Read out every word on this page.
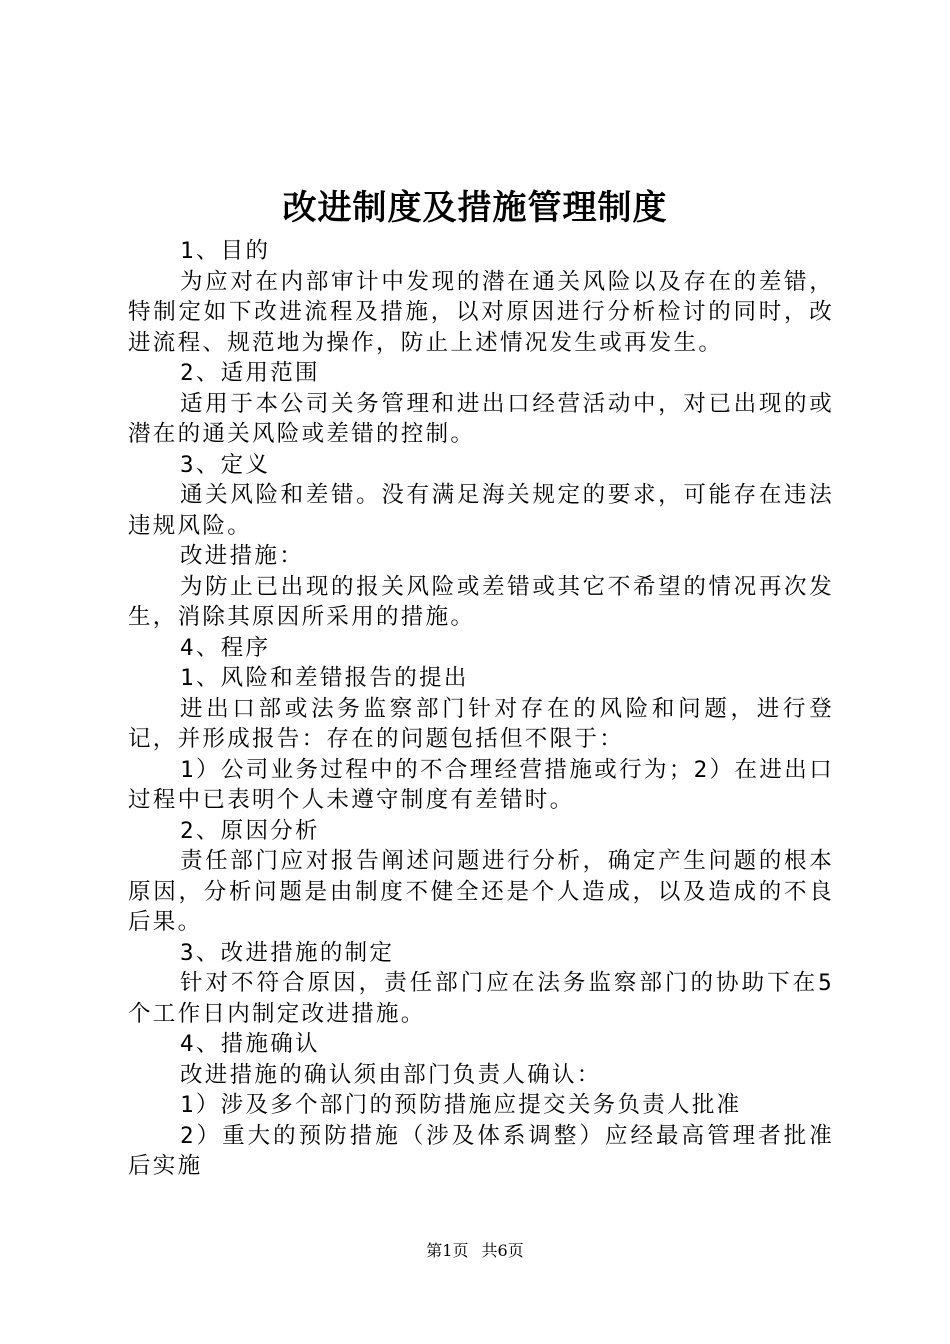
改进制度及措施管理制度

1、目的

为应对在内部审计中发现的潜在通关风险以及存在的差错，特制定如下改进流程及措施，以对原因进行分析检讨的同时，改进流程、规范地为操作，防止上述情况发生或再发生。

2、适用范围

适用于本公司关务管理和进出口经营活动中，对已出现的或潜在的通关风险或差错的控制。

3、定义

通关风险和差错。没有满足海关规定的要求，可能存在违法违规风险。

改进措施：

为防止已出现的报关风险或差错或其它不希望的情况再次发生，消除其原因所采用的措施。

4、程序

1、风险和差错报告的提出

进出口部或法务监察部门针对存在的风险和问题，进行登记，并形成报告：存在的问题包括但不限于：

1）公司业务过程中的不合理经营措施或行为；2）在进出口过程中已表明个人未遵守制度有差错时。

2、原因分析

责任部门应对报告阐述问题进行分析，确定产生问题的根本原因，分析问题是由制度不健全还是个人造成，以及造成的不良后果。

3、改进措施的制定

针对不符合原因，责任部门应在法务监察部门的协助下在5个工作日内制定改进措施。

4、措施确认

改进措施的确认须由部门负责人确认：

1）涉及多个部门的预防措施应提交关务负责人批准

2）重大的预防措施（涉及体系调整）应经最高管理者批准后实施

第1页 共6页
